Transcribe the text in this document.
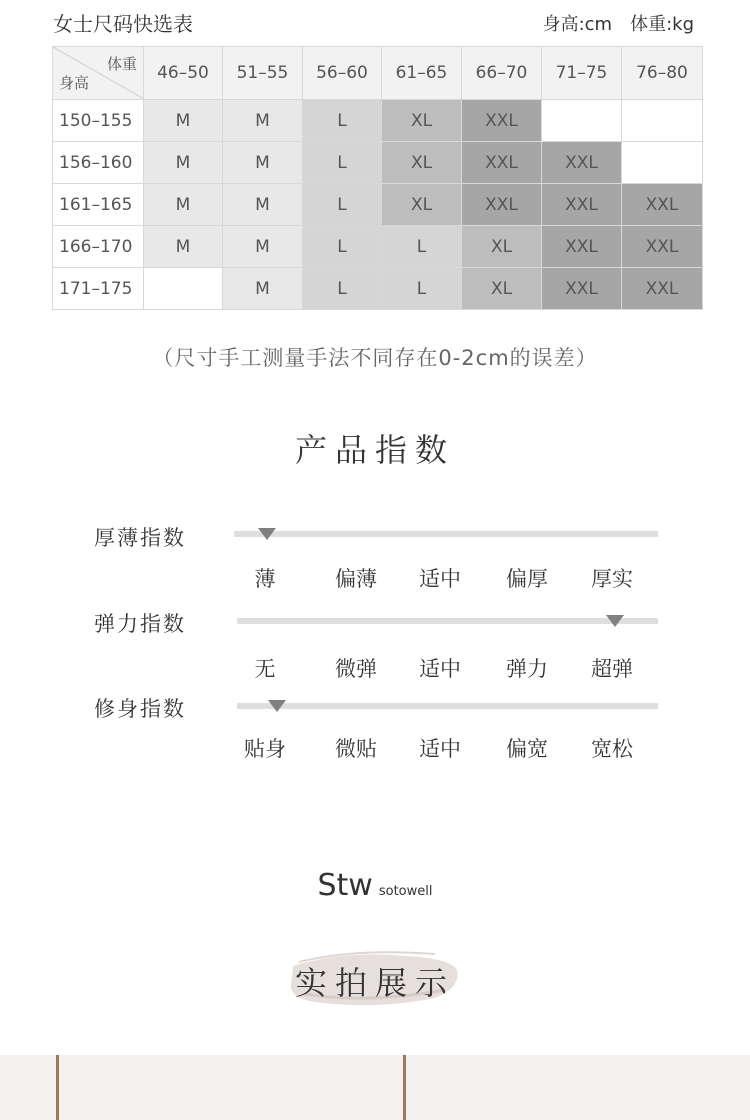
女士尺码快选表	身高:cm 体重:kg
体重
身高	46–50	51–55	56–60	61–65	66–70	71–75	76–80
150–155	M	M	L	XL	XXL		
156–160	M	M	L	XL	XXL	XXL	
161–165	M	M	L	XL	XXL	XXL	XXL
166–170	M	M	L	L	XL	XXL	XXL
171–175		M	L	L	XL	XXL	XXL
（尺寸手工测量手法不同存在0-2cm的误差）
产品指数
厚薄指数
薄	偏薄	适中	偏厚	厚实
弹力指数
无	微弹	适中	弹力	超弹
修身指数
贴身	微贴	适中	偏宽	宽松
Stw sotowell
实拍展示
